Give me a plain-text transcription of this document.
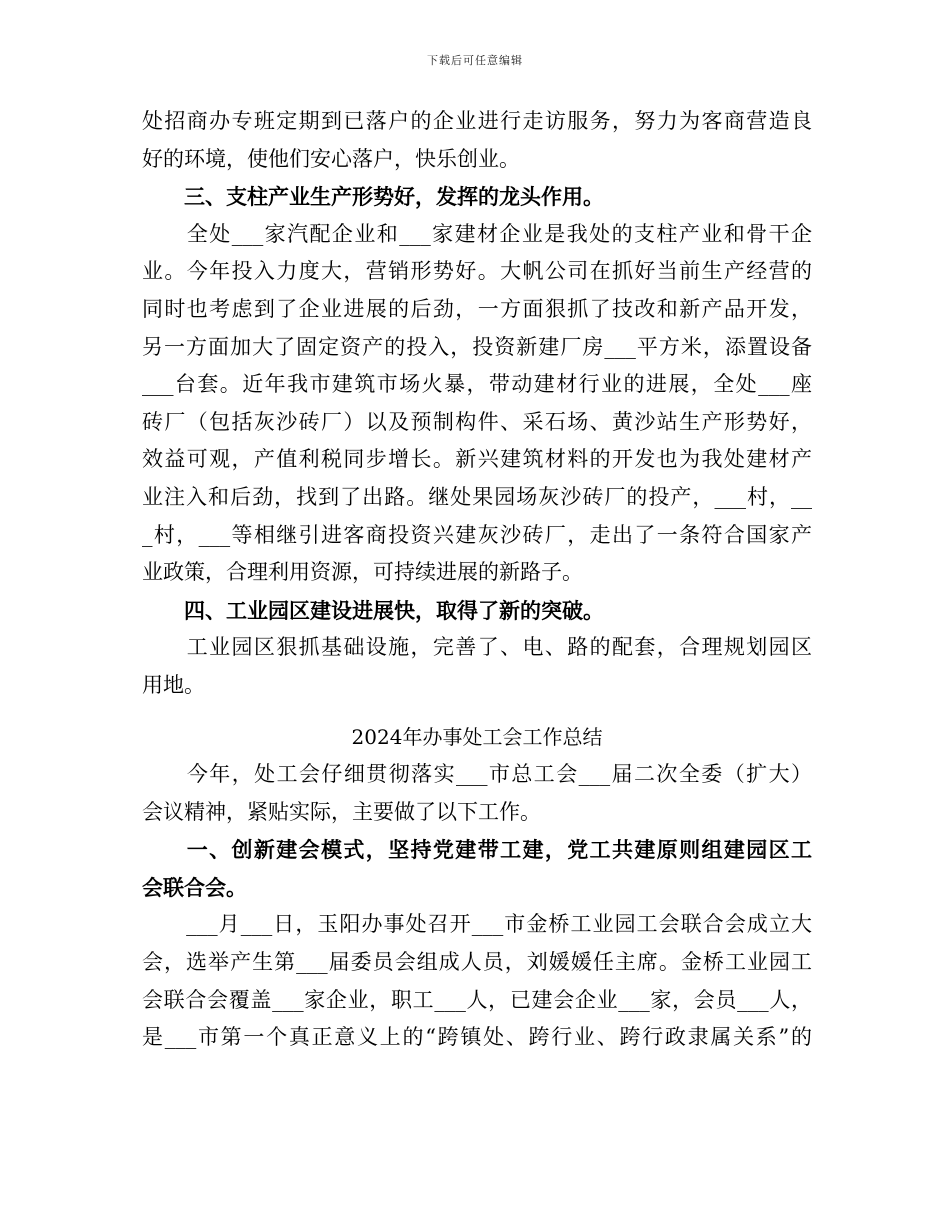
下载后可任意编辑
处招商办专班定期到已落户的企业进行走访服务，努力为客商营造良
好的环境，使他们安心落户，快乐创业。
　　三、支柱产业生产形势好，发挥的龙头作用。
　　全处___家汽配企业和___家建材企业是我处的支柱产业和骨干企
业。今年投入力度大，营销形势好。大帆公司在抓好当前生产经营的
同时也考虑到了企业进展的后劲，一方面狠抓了技改和新产品开发，
另一方面加大了固定资产的投入，投资新建厂房___平方米，添置设备
___台套。近年我市建筑市场火暴，带动建材行业的进展，全处___座
砖厂（包括灰沙砖厂）以及预制构件、采石场、黄沙站生产形势好，
效益可观，产值利税同步增长。新兴建筑材料的开发也为我处建材产
业注入和后劲，找到了出路。继处果园场灰沙砖厂的投产，___村，__
_村，___等相继引进客商投资兴建灰沙砖厂，走出了一条符合国家产
业政策，合理利用资源，可持续进展的新路子。
　　四、工业园区建设进展快，取得了新的突破。
　　工业园区狠抓基础设施，完善了、电、路的配套，合理规划园区
用地。
2024年办事处工会工作总结
　　今年，处工会仔细贯彻落实___市总工会___届二次全委（扩大）
会议精神，紧贴实际，主要做了以下工作。
　　一、创新建会模式，坚持党建带工建，党工共建原则组建园区工
会联合会。
　　___月___日，玉阳办事处召开___市金桥工业园工会联合会成立大
会，选举产生第___届委员会组成人员，刘媛媛任主席。金桥工业园工
会联合会覆盖___家企业，职工___人，已建会企业___家，会员___人，
是___市第一个真正意义上的“跨镇处、跨行业、跨行政隶属关系”的
